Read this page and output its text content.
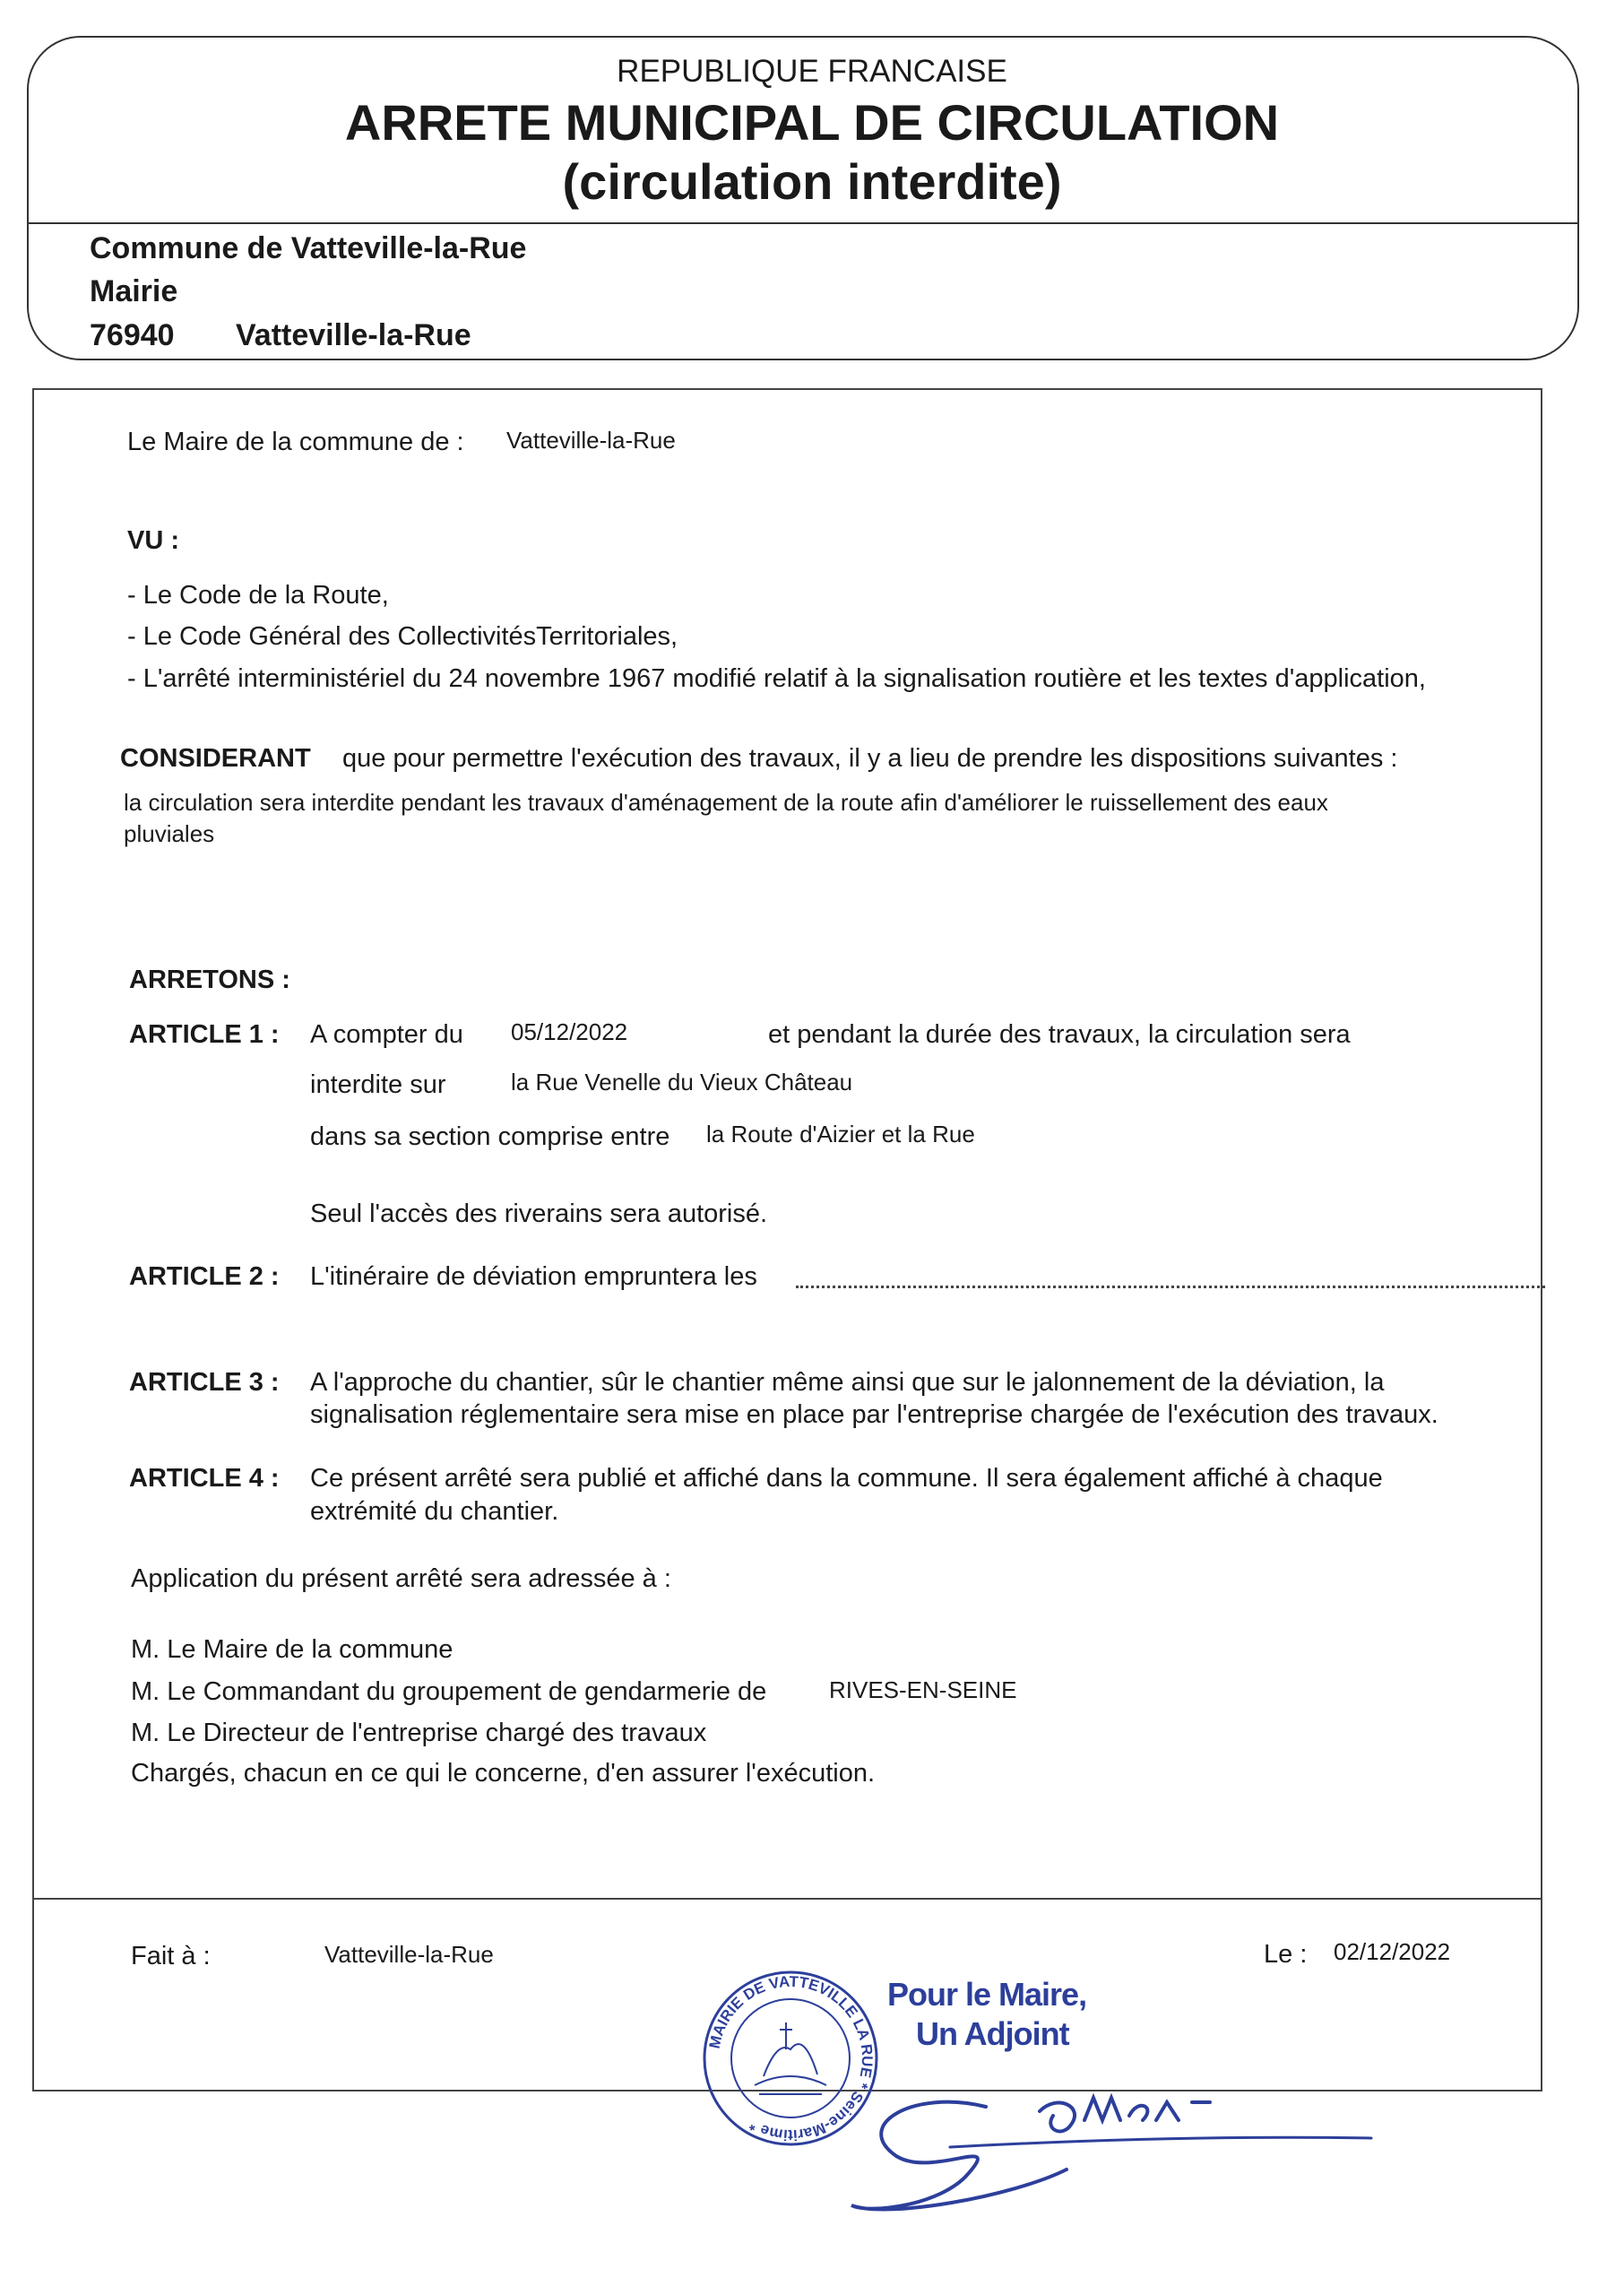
REPUBLIQUE FRANCAISE
ARRETE MUNICIPAL DE CIRCULATION
(circulation interdite)
Commune de Vatteville-la-Rue
Mairie
76940 Vatteville-la-Rue
Le Maire de la commune de : Vatteville-la-Rue
VU :
- Le Code de la Route,
- Le Code Général des CollectivitésTerritoriales,
- L'arrêté interministériel du 24 novembre 1967 modifié relatif à la signalisation routière et les textes d'application,
CONSIDERANT que pour permettre l'exécution des travaux, il y a lieu de prendre les dispositions suivantes :
la circulation sera interdite pendant les travaux d'aménagement de la route afin d'améliorer le ruissellement des eaux
pluviales
ARRETONS :
ARTICLE 1 : A compter du 05/12/2022	et pendant la durée des travaux, la circulation sera
interdite sur	la Rue Venelle du Vieux Château
dans sa section comprise entre la Route d'Aizier et la Rue
Seul l'accès des riverains sera autorisé.
ARTICLE 2 : L'itinéraire de déviation empruntera les
ARTICLE 3 : A l'approche du chantier, sûr le chantier même ainsi que sur le jalonnement de la déviation, la
signalisation réglementaire sera mise en place par l'entreprise chargée de l'exécution des travaux.
ARTICLE 4 : Ce présent arrêté sera publié et affiché dans la commune. Il sera également affiché à chaque
extrémité du chantier.
Application du présent arrêté sera adressée à :
M. Le Maire de la commune
M. Le Commandant du groupement de gendarmerie de	RIVES-EN-SEINE
M. Le Directeur de l'entreprise chargé des travaux
Chargés, chacun en ce qui le concerne, d'en assurer l'exécution.
Fait à :	Vatteville-la-Rue	Le : 02/12/2022
MAIRIE DE VATTEVILLE LA RUE * Seine-Maritime *
Pour le Maire,
Un Adjoint
